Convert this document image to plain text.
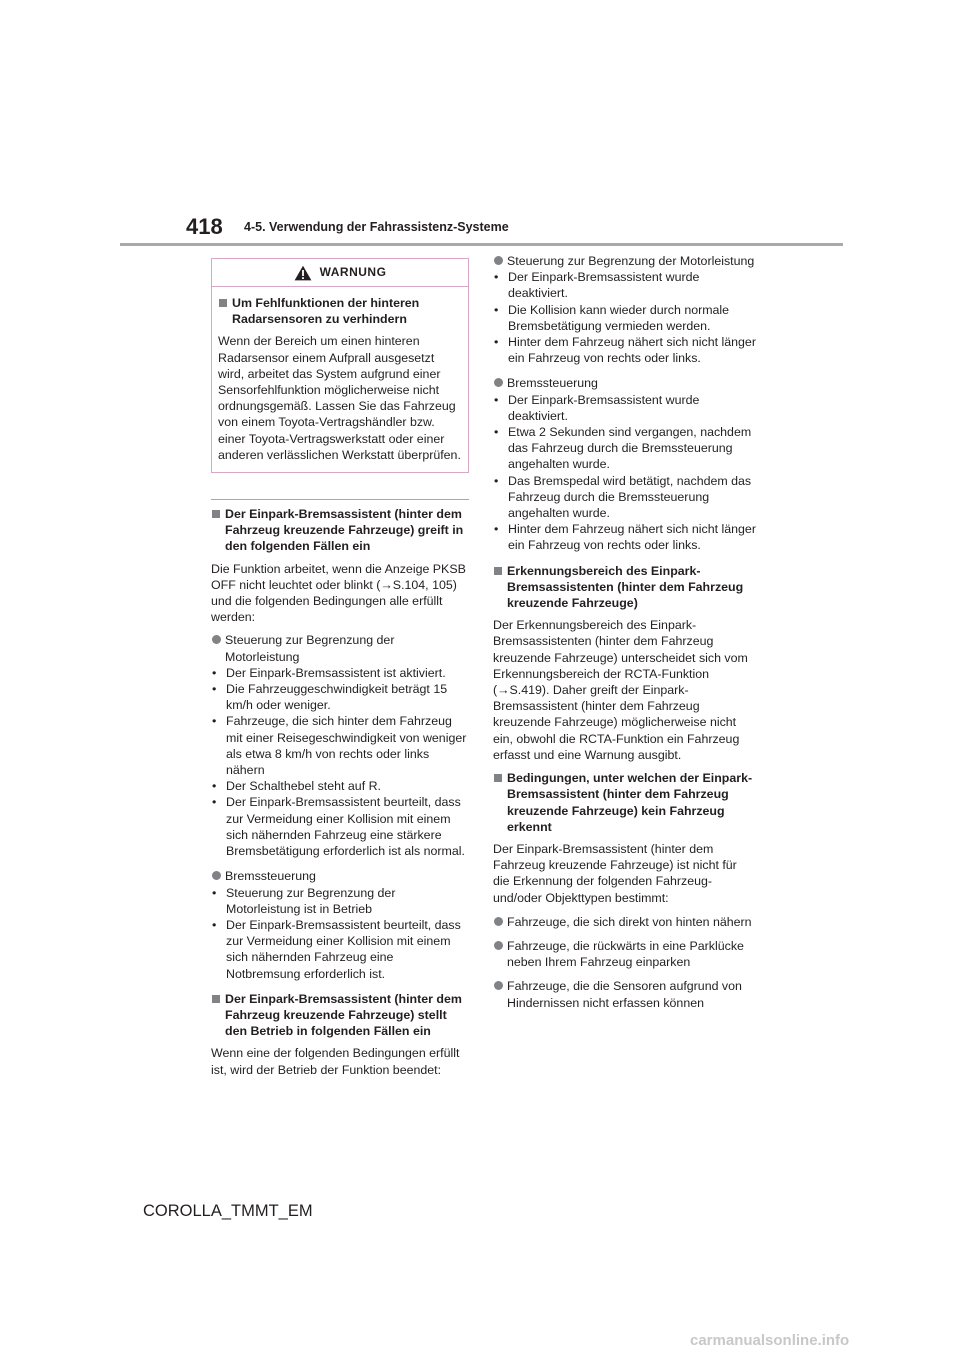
418 4-5. Verwendung der Fahrassistenz-Systeme
WARNUNG
Um Fehlfunktionen der hinteren Radarsensoren zu verhindern
Wenn der Bereich um einen hinteren Radarsensor einem Aufprall ausgesetzt wird, arbeitet das System aufgrund einer Sensorfehlfunktion möglicherweise nicht ordnungsgemäß. Lassen Sie das Fahrzeug von einem Toyota-Vertragshändler bzw. einer Toyota-Vertragswerkstatt oder einer anderen verlässlichen Werkstatt überprüfen.
Der Einpark-Bremsassistent (hinter dem Fahrzeug kreuzende Fahrzeuge) greift in den folgenden Fällen ein
Die Funktion arbeitet, wenn die Anzeige PKSB OFF nicht leuchtet oder blinkt (→S.104, 105) und die folgenden Bedingungen alle erfüllt werden:
Steuerung zur Begrenzung der Motorleistung
• Der Einpark-Bremsassistent ist aktiviert.
• Die Fahrzeuggeschwindigkeit beträgt 15 km/h oder weniger.
• Fahrzeuge, die sich hinter dem Fahrzeug mit einer Reisegeschwindigkeit von weniger als etwa 8 km/h von rechts oder links nähern
• Der Schalthebel steht auf R.
• Der Einpark-Bremsassistent beurteilt, dass zur Vermeidung einer Kollision mit einem sich nähernden Fahrzeug eine stärkere Bremsbetätigung erforderlich ist als normal.
Bremssteuerung
• Steuerung zur Begrenzung der Motorleistung ist in Betrieb
• Der Einpark-Bremsassistent beurteilt, dass zur Vermeidung einer Kollision mit einem sich nähernden Fahrzeug eine Notbremsung erforderlich ist.
Der Einpark-Bremsassistent (hinter dem Fahrzeug kreuzende Fahrzeuge) stellt den Betrieb in folgenden Fällen ein
Wenn eine der folgenden Bedingungen erfüllt ist, wird der Betrieb der Funktion beendet:
Steuerung zur Begrenzung der Motorleistung
• Der Einpark-Bremsassistent wurde deaktiviert.
• Die Kollision kann wieder durch normale Bremsbetätigung vermieden werden.
• Hinter dem Fahrzeug nähert sich nicht länger ein Fahrzeug von rechts oder links.
Bremssteuerung
• Der Einpark-Bremsassistent wurde deaktiviert.
• Etwa 2 Sekunden sind vergangen, nachdem das Fahrzeug durch die Bremssteuerung angehalten wurde.
• Das Bremspedal wird betätigt, nachdem das Fahrzeug durch die Bremssteuerung angehalten wurde.
• Hinter dem Fahrzeug nähert sich nicht länger ein Fahrzeug von rechts oder links.
Erkennungsbereich des Einpark-Bremsassistenten (hinter dem Fahrzeug kreuzende Fahrzeuge)
Der Erkennungsbereich des Einpark-Bremsassistenten (hinter dem Fahrzeug kreuzende Fahrzeuge) unterscheidet sich vom Erkennungsbereich der RCTA-Funktion (→S.419). Daher greift der Einpark-Bremsassistent (hinter dem Fahrzeug kreuzende Fahrzeuge) möglicherweise nicht ein, obwohl die RCTA-Funktion ein Fahrzeug erfasst und eine Warnung ausgibt.
Bedingungen, unter welchen der Einpark-Bremsassistent (hinter dem Fahrzeug kreuzende Fahrzeuge) kein Fahrzeug erkennt
Der Einpark-Bremsassistent (hinter dem Fahrzeug kreuzende Fahrzeuge) ist nicht für die Erkennung der folgenden Fahrzeug- und/oder Objekttypen bestimmt:
Fahrzeuge, die sich direkt von hinten nähern
Fahrzeuge, die rückwärts in eine Parklücke neben Ihrem Fahrzeug einparken
Fahrzeuge, die die Sensoren aufgrund von Hindernissen nicht erfassen können
COROLLA_TMMT_EM
carmanualsonline.info
